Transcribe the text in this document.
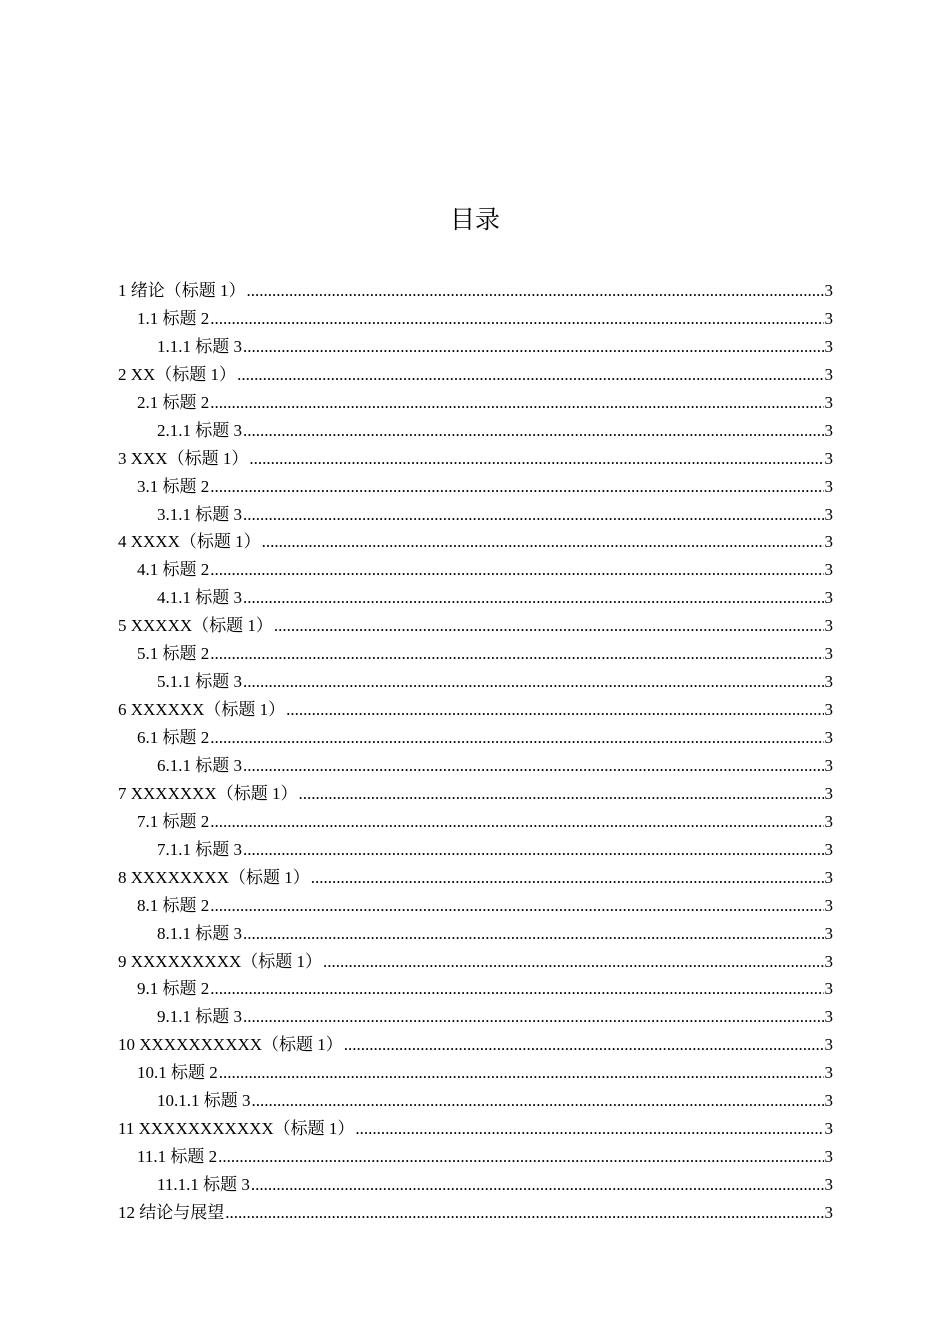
目录
1 绪论（标题 1） .....	3
1.1 标题 2 .....	3
1.1.1 标题 3 .....	3
2 XX（标题 1） .....	3
2.1 标题 2 .....	3
2.1.1 标题 3 .....	3
3 XXX（标题 1） .....	3
3.1 标题 2 .....	3
3.1.1 标题 3 .....	3
4 XXXX（标题 1） .....	3
4.1 标题 2 .....	3
4.1.1 标题 3 .....	3
5 XXXXX（标题 1） .....	3
5.1 标题 2 .....	3
5.1.1 标题 3 .....	3
6 XXXXXX（标题 1） .....	3
6.1 标题 2 .....	3
6.1.1 标题 3 .....	3
7 XXXXXXX（标题 1） .....	3
7.1 标题 2 .....	3
7.1.1 标题 3 .....	3
8 XXXXXXXX（标题 1） .....	3
8.1 标题 2 .....	3
8.1.1 标题 3 .....	3
9 XXXXXXXXX（标题 1） .....	3
9.1 标题 2 .....	3
9.1.1 标题 3 .....	3
10 XXXXXXXXXX（标题 1） .....	3
10.1 标题 2 .....	3
10.1.1 标题 3 .....	3
11 XXXXXXXXXXX（标题 1） .....	3
11.1 标题 2 .....	3
11.1.1 标题 3 .....	3
12 结论与展望 .....	3
